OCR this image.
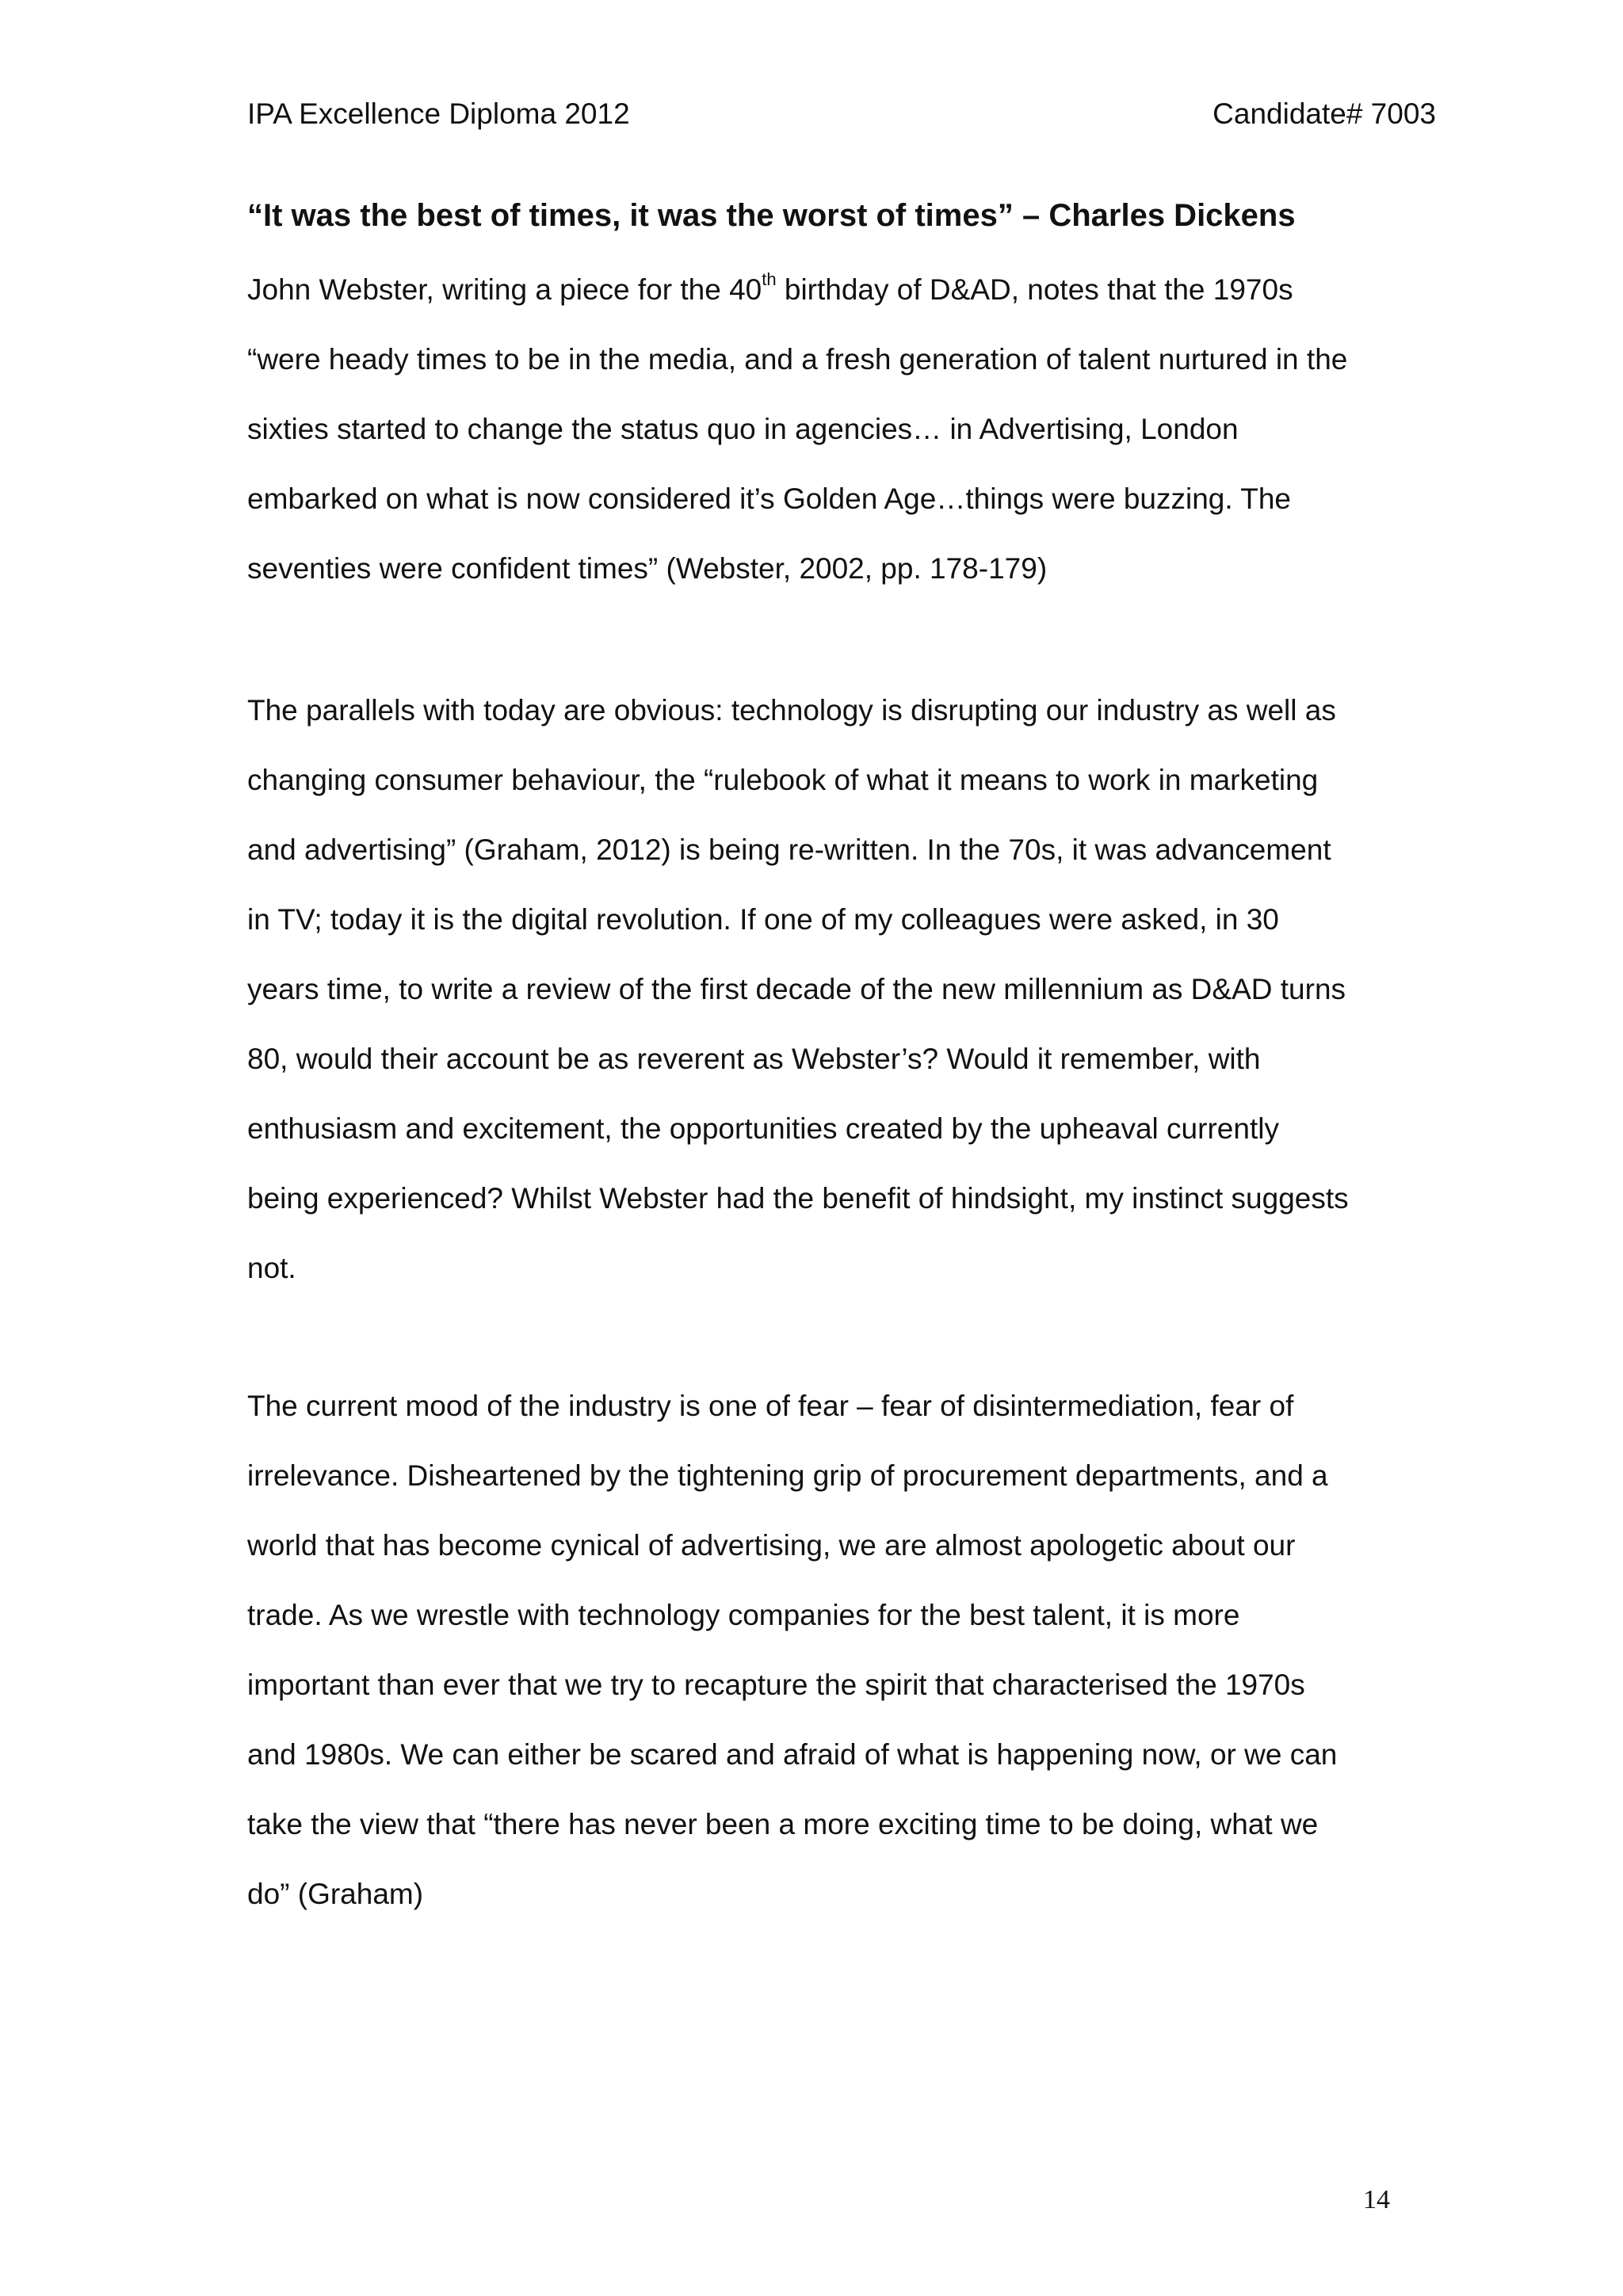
IPA Excellence Diploma 2012	Candidate# 7003
“It was the best of times, it was the worst of times” – Charles Dickens
John Webster, writing a piece for the 40th birthday of D&AD, notes that the 1970s
“were heady times to be in the media, and a fresh generation of talent nurtured in the
sixties started to change the status quo in agencies… in Advertising, London
embarked on what is now considered it’s Golden Age…things were buzzing. The
seventies were confident times” (Webster, 2002, pp. 178-179)
The parallels with today are obvious: technology is disrupting our industry as well as
changing consumer behaviour, the “rulebook of what it means to work in marketing
and advertising” (Graham, 2012) is being re-written. In the 70s, it was advancement
in TV; today it is the digital revolution. If one of my colleagues were asked, in 30
years time, to write a review of the first decade of the new millennium as D&AD turns
80, would their account be as reverent as Webster’s? Would it remember, with
enthusiasm and excitement, the opportunities created by the upheaval currently
being experienced? Whilst Webster had the benefit of hindsight, my instinct suggests
not.
The current mood of the industry is one of fear – fear of disintermediation, fear of
irrelevance. Disheartened by the tightening grip of procurement departments, and a
world that has become cynical of advertising, we are almost apologetic about our
trade. As we wrestle with technology companies for the best talent, it is more
important than ever that we try to recapture the spirit that characterised the 1970s
and 1980s. We can either be scared and afraid of what is happening now, or we can
take the view that “there has never been a more exciting time to be doing, what we
do” (Graham)
14
